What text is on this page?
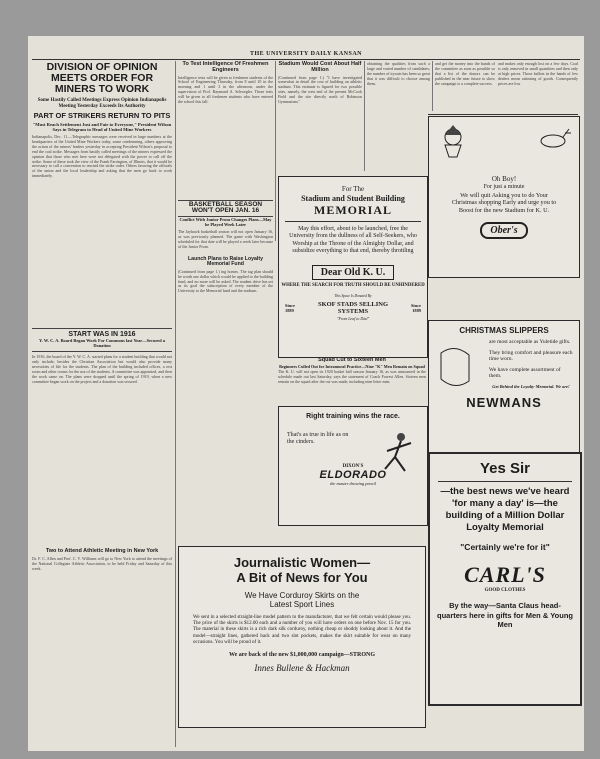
THE UNIVERSITY DAILY KANSAN
DIVISION OF OPINION MEETS ORDER FOR MINERS TO WORK
Some Hastily Called Meetings Express Opinion Indianapolis Meeting Yesterday Exceeds Its Authority
PART OF STRIKERS RETURN TO PITS
"Must Reach Settlement Just and Fair to Everyone," President Wilson Says in Telegram to Head of United Mine Workers
Indianapolis, Dec. 11.—Telegraphic messages were received in large numbers at the headquarters of the United Mine Workers today, some condemning, others approving the action of the miners' leaders yesterday in accepting President Wilson's proposal to end the coal strike. Messages from hastily called meetings of the miners expressed the opinion that those who met here were not delegated with the power to call off the strike. Some of these took the view of the Frank Farrington, of Illinois, that it would be necessary to call a convention to rescind the strike order. Others favoring the officials of the union and the local leadership and asking that the men go back to work immediately.
START WAS IN 1916
Y. W. C. A. Board Began Work For Commons last Year—Secured a Donation
In 1916, the board of the Y. W. C. A. started plans for a student building that would not only include, besides the Christian Association but would also provide many necessities of life for the students. The plan of the building included offices, a rest room and other rooms for the use of the students. A committee was appointed, and then the work came on. The plans were dropped until the spring of 1919, when a new committee began work on the project and a donation was secured.
Two to Attend Athletic Meeting in New York
Dr. F. C. Allen and Prof. C. V. Williams will go to New York to attend the meetings of the National Collegiate Athletic Association, to be held Friday and Saturday of this week.
To Test Intelligence Of Freshmen Engineers
Intelligence tests will be given to freshmen students of the School of Engineering Thursday, from 8 until 10 in the morning and 1 until 3 in the afternoon, under the supervision of Prof. Raymond A. Schwegler. Those tests will be given to all freshmen students who have entered the school this fall.
BASKETBALL SEASON WON'T OPEN JAN. 16
Conflict With Junior Prom Changes Plans—May be Played Week Later
The Jayhawk basketball season will not open January 16, as was previously planned. The game with Washington scheduled for that date will be played a week later because of the Junior Prom.
Launch Plans to Raise Loyalty Memorial Fund
(Continued from page 1.) ing homes. The tag plan should be worth one dollar which would be applied to the building fund, and no more will be asked. The student drive has set as its goal the subscription of every member of the University to the Memorial fund and the stadium.
Stadium Would Cost About Half Million
(Continued from page 1.) "I have investigated somewhat in detail the cost of building an athletic stadium. This estimate is figured for two possible sites, namely, the west end of the present McCook Field and the site directly north of Robinson Gymnasium."
obtaining the qualities from such a large and varied number of candidates; the number of tryouts has been so great that it was difficult to choose among them.
and get the money into the hands of the committee as soon as possible so that a list of the donors can be published in the near future to show the campaign is a complete success.
and makes only enough lost on a few days. Coal is only removed in small quantities and then only at high prices. Those ballots in the hands of few dealers mean rationing of goods. Consequently prices are low
For The
Stadium and Student Building
MEMORIAL
May this effort, about to be launched, free the University from the dullness of all Self-Seekers, who Worship at the Throne of the Almighty Dollar, and subsidize everything to that end, thereby throttling
Dear Old K. U.
WHERE THE SEARCH FOR TRUTH SHOULD BE UNHINDERED
This Space Is Donated By
Since 1889
SKOF STADS SELLING SYSTEMS
Since 1889
"From Leaf to Dial"
Oh Boy!
For just a minute
We will quit Asking you to do Your Christmas shopping Early and urge you to Boost for the new Stadium for K. U.
Ober's
CHRISTMAS SLIPPERS
are most acceptable as Yuletide gifts.
They bring comfort and pleasure each time worn.
We have complete assortment of them.
Get Behind the Loyalty-Memorial. We are!
NEWMANS
Right training wins the race.
That's as true in life as on the cinders.
DIXON'S
ELDORADO
the master drawing pencil
Yes Sir
—the best news we've heard 'for many a day' is—the building of a Million Dollar Loyalty Memorial
"Certainly we're for it"
CARL'S
GOOD CLOTHES
By the way—Santa Claus head-quarters here in gifts for Men & Young Men
Journalistic Women—
A Bit of News for You
We Have Corduroy Skirts on the
Latest Sport Lines
We sent in a selected straight-line model pattern to the manufacturer, that we felt certain would please you. The price of the skirts is $12.00 each and a number of you will have orders on one before Nov. 15 for you. The material in these skirts is a rich dark silk corduroy, nothing cheap or shoddy looking about it. And the model—straight lines, gathered back and two slot pockets, makes the skirt suitable for wear on many occasions. You will be proud of it.
We are back of the new $1,000,000 campaign—STRONG
Innes Bullene & Hackman
Squad Cut to Sixteen Men
Beginners Culled Out for Intramural Practice—Nine "K" Men Remain on Squad
The K. U. will not open its 1920 basket ball season January 16, as was announced in the schedule made out last Saturday, says the statement of Coach Forrest Allen. Sixteen men remain on the squad after the cut was made, including nine letter men.
